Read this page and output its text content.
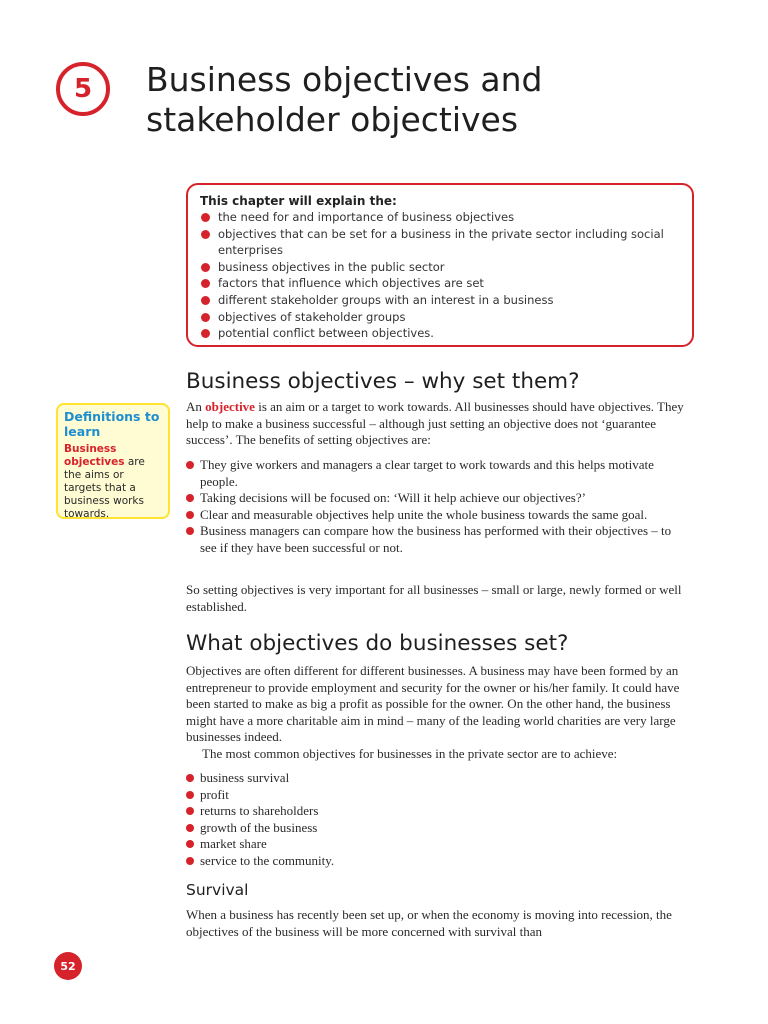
5 Business objectives and stakeholder objectives
This chapter will explain the:
the need for and importance of business objectives
objectives that can be set for a business in the private sector including social enterprises
business objectives in the public sector
factors that influence which objectives are set
different stakeholder groups with an interest in a business
objectives of stakeholder groups
potential conflict between objectives.
Definitions to learn
Business objectives are the aims or targets that a business works towards.
Business objectives – why set them?

An objective is an aim or a target to work towards. All businesses should have objectives. They help to make a business successful – although just setting an objective does not ‘guarantee success’. The benefits of setting objectives are:

They give workers and managers a clear target to work towards and this helps motivate people.
Taking decisions will be focused on: ‘Will it help achieve our objectives?’
Clear and measurable objectives help unite the whole business towards the same goal.
Business managers can compare how the business has performed with their objectives – to see if they have been successful or not.

So setting objectives is very important for all businesses – small or large, newly formed or well established.

What objectives do businesses set?

Objectives are often different for different businesses. A business may have been formed by an entrepreneur to provide employment and security for the owner or his/her family. It could have been started to make as big a profit as possible for the owner. On the other hand, the business might have a more charitable aim in mind – many of the leading world charities are very large businesses indeed.

The most common objectives for businesses in the private sector are to achieve:

business survival
profit
returns to shareholders
growth of the business
market share
service to the community.
Survival

When a business has recently been set up, or when the economy is moving into recession, the objectives of the business will be more concerned with survival than

52
